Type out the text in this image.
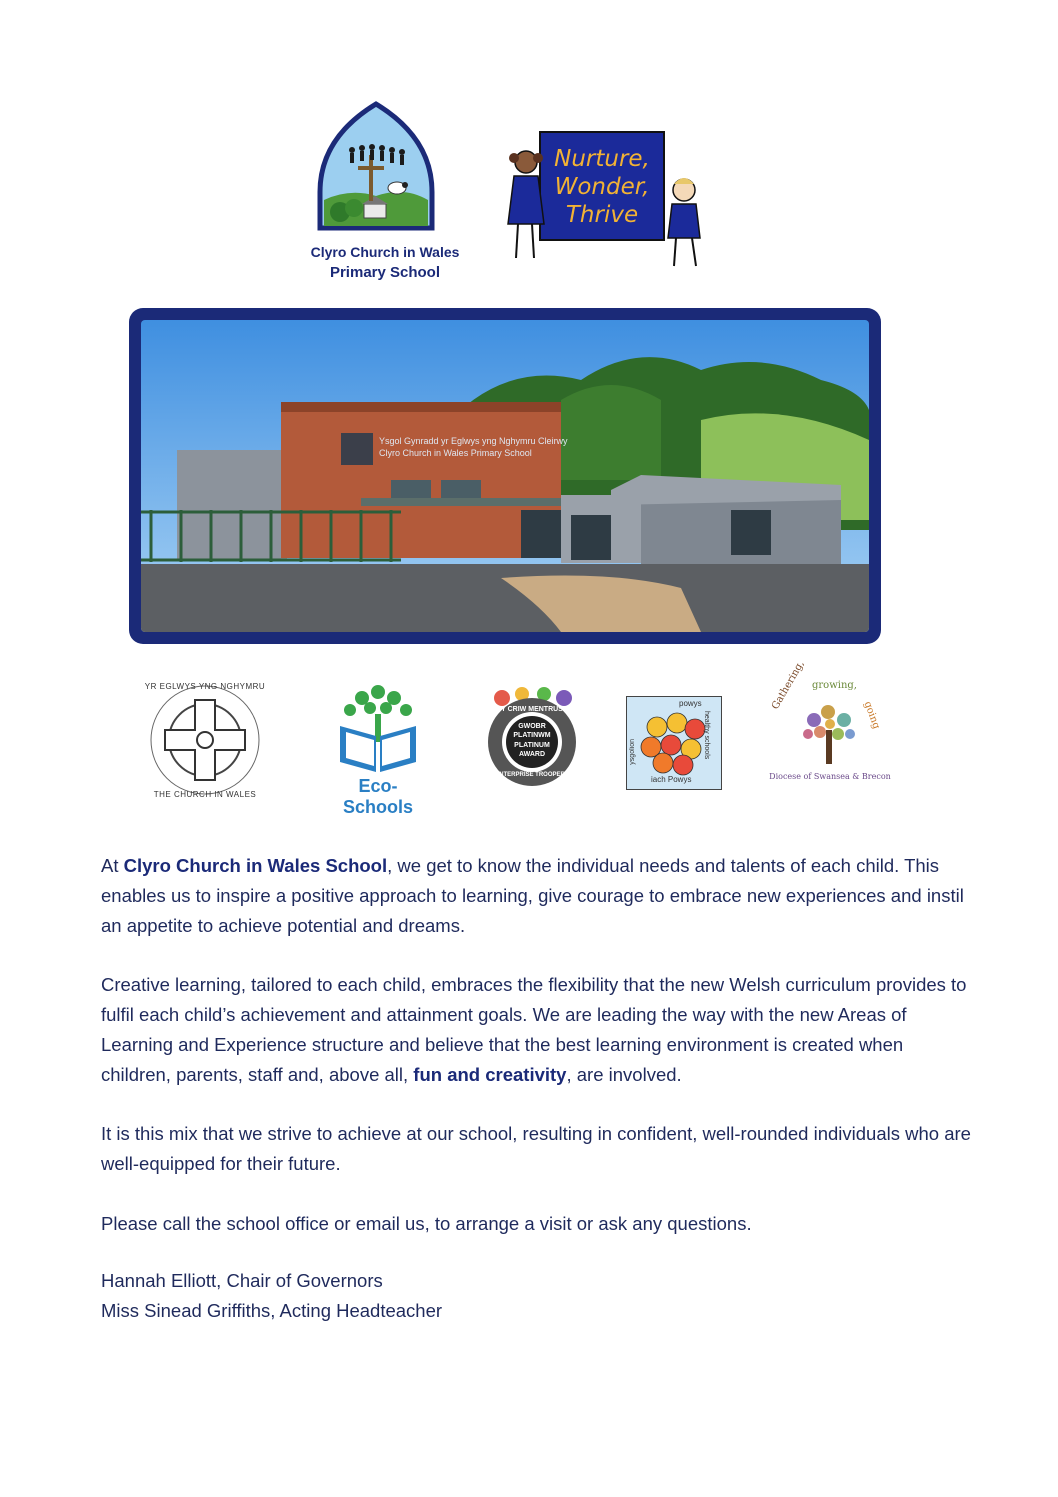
Clyro Church in Wales
Primary School
Nurture,
Wonder,
Thrive
Ysgol Gynradd yr Eglwys yng Nghymru Cleirwy
Clyro Church in Wales Primary School
YR EGLWYS YNG NGHYMRU
THE CHURCH IN WALES	Eco-Schools
Y CRIW MENTRUS
GWOBR
PLATINWM
PLATINUM
AWARD
ENTERPRISE TROOPERS
powys
healthy schools
ysgolion
iach Powys
Gathering, growing,
going
Diocese of Swansea & Brecon

At Clyro Church in Wales School, we get to know the individual needs and talents of each child. This enables us to inspire a positive approach to learning, give courage to embrace new experiences and instil an appetite to achieve potential and dreams.

Creative learning, tailored to each child, embraces the flexibility that the new Welsh curriculum provides to fulfil each child’s achievement and attainment goals. We are leading the way with the new Areas of Learning and Experience structure and believe that the best learning environment is created when children, parents, staff and, above all, fun and creativity, are involved.

It is this mix that we strive to achieve at our school, resulting in confident, well-rounded individuals who are well-equipped for their future.

Please call the school office or email us, to arrange a visit or ask any questions.

Hannah Elliott, Chair of Governors
Miss Sinead Griffiths, Acting Headteacher
